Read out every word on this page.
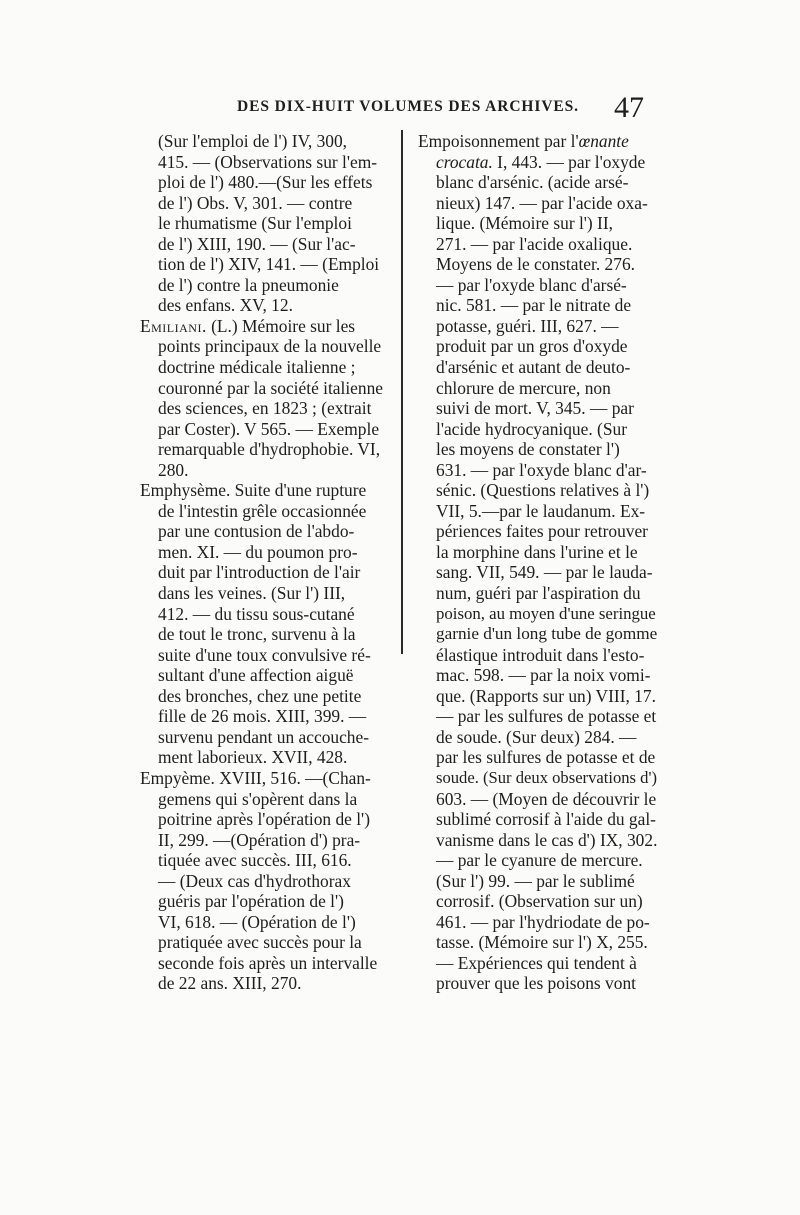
DES DIX-HUIT VOLUMES DES ARCHIVES. 47
(Sur l'emploi de l') IV, 300,
415. — (Observations sur l'em-
ploi de l') 480.—(Sur les effets
de l') Obs. V, 301. — contre
le rhumatisme (Sur l'emploi
de l') XIII, 190. — (Sur l'ac-
tion de l') XIV, 141. — (Emploi
de l') contre la pneumonie
des enfans. XV, 12.
Emiliani. (L.) Mémoire sur les
points principaux de la nouvelle
doctrine médicale italienne ;
couronné par la société italienne
des sciences, en 1823 ; (extrait
par Coster). V 565. — Exemple
remarquable d'hydrophobie. VI,
280.
Emphysème. Suite d'une rupture
de l'intestin grêle occasionnée
par une contusion de l'abdo-
men. XI. — du poumon pro-
duit par l'introduction de l'air
dans les veines. (Sur l') III,
412. — du tissu sous-cutané
de tout le tronc, survenu à la
suite d'une toux convulsive ré-
sultant d'une affection aiguë
des bronches, chez une petite
fille de 26 mois. XIII, 399. —
survenu pendant un accouche-
ment laborieux. XVII, 428.
Empyème. XVIII, 516. —(Chan-
gemens qui s'opèrent dans la
poitrine après l'opération de l')
II, 299. —(Opération d') pra-
tiquée avec succès. III, 616.
— (Deux cas d'hydrothorax
guéris par l'opération de l')
VI, 618. — (Opération de l')
pratiquée avec succès pour la
seconde fois après un intervalle
de 22 ans. XIII, 270.
Empoisonnement par l'œnante
crocata. I, 443. — par l'oxyde
blanc d'arsénic. (acide arsé-
nieux) 147. — par l'acide oxa-
lique. (Mémoire sur l') II,
271. — par l'acide oxalique.
Moyens de le constater. 276.
— par l'oxyde blanc d'arsé-
nic. 581. — par le nitrate de
potasse, guéri. III, 627. —
produit par un gros d'oxyde
d'arsénic et autant de deuto-
chlorure de mercure, non
suivi de mort. V, 345. — par
l'acide hydrocyanique. (Sur
les moyens de constater l')
631. — par l'oxyde blanc d'ar-
sénic. (Questions relatives à l')
VII, 5.—par le laudanum. Ex-
périences faites pour retrouver
la morphine dans l'urine et le
sang. VII, 549. — par le lauda-
num, guéri par l'aspiration du
poison, au moyen d'une seringue
garnie d'un long tube de gomme
élastique introduit dans l'esto-
mac. 598. — par la noix vomi-
que. (Rapports sur un) VIII, 17.
— par les sulfures de potasse et
de soude. (Sur deux) 284. —
par les sulfures de potasse et de
soude. (Sur deux observations d')
603. — (Moyen de découvrir le
sublimé corrosif à l'aide du gal-
vanisme dans le cas d') IX, 302.
— par le cyanure de mercure.
(Sur l') 99. — par le sublimé
corrosif. (Observation sur un)
461. — par l'hydriodate de po-
tasse. (Mémoire sur l') X, 255.
— Expériences qui tendent à
prouver que les poisons vont
